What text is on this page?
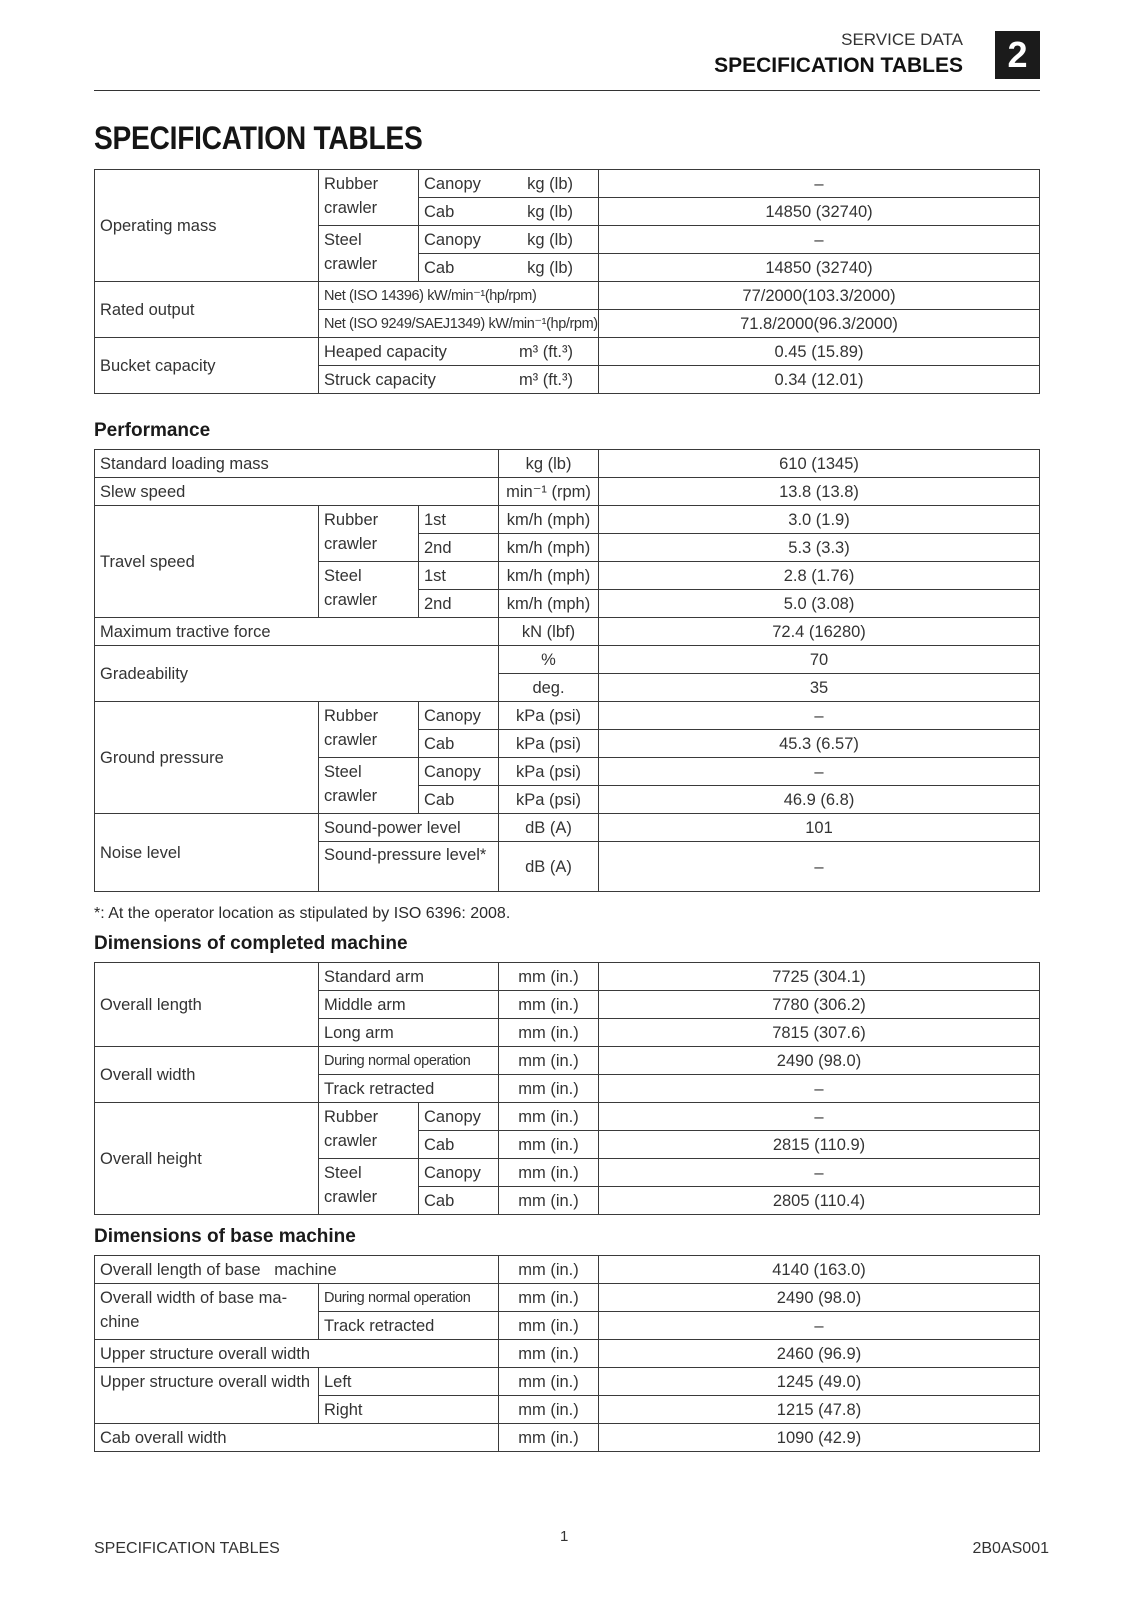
SERVICE DATA
SPECIFICATION TABLES	2
SPECIFICATION TABLES
Operating mass	Rubber crawler	Canopy kg (lb)	–

		Cab kg (lb)	14850 (32740)
	Steel crawler	Canopy kg (lb)	–

		Cab kg (lb)	14850 (32740)
Rated output	Net (ISO 14396) kW/min⁻¹(hp/rpm)		77/2000(103.3/2000)
	Net (ISO 9249/SAEJ1349) kW/min⁻¹(hp/rpm)		71.8/2000(96.3/2000)
Bucket capacity	Heaped capacity m³ (ft.³)		0.45 (15.89)

	Struck capacity m³ (ft.³)		0.34 (12.01)
Performance
Standard loading mass			kg (lb)	610 (1345)
Slew speed			min⁻¹ (rpm)	13.8 (13.8)
Travel speed	Rubber crawler	1st	km/h (mph)	3.0 (1.9)
		2nd	km/h (mph)	5.3 (3.3)
	Steel crawler	1st	km/h (mph)	2.8 (1.76)
		2nd	km/h (mph)	5.0 (3.08)
Maximum tractive force			kN (lbf)	72.4 (16280)
Gradeability			%	70
			deg.	35
Ground pressure	Rubber crawler	Canopy	kPa (psi)	–
		Cab	kPa (psi)	45.3 (6.57)
	Steel crawler	Canopy	kPa (psi)	–
		Cab	kPa (psi)	46.9 (6.8)
Noise level	Sound-power level		dB (A)	101
	Sound-pressure level*		dB (A)	–
*: At the operator location as stipulated by ISO 6396: 2008.
Dimensions of completed machine
Overall length	Standard arm		mm (in.)	7725 (304.1)
	Middle arm		mm (in.)	7780 (306.2)
	Long arm		mm (in.)	7815 (307.6)
Overall width	During normal operation		mm (in.)	2490 (98.0)
	Track retracted		mm (in.)	–
Overall height	Rubber crawler	Canopy	mm (in.)	–
		Cab	mm (in.)	2815 (110.9)
	Steel crawler	Canopy	mm (in.)	–
		Cab	mm (in.)	2805 (110.4)
Dimensions of base machine
Overall length of base   machine		mm (in.)	4140 (163.0)
Overall width of base ma-chine	During normal operation	mm (in.)	2490 (98.0)
	Track retracted	mm (in.)	–
Upper structure overall width		mm (in.)	2460 (96.9)
Upper structure overall width	Left	mm (in.)	1245 (49.0)
	Right	mm (in.)	1215 (47.8)
Cab overall width		mm (in.)	1090 (42.9)
SPECIFICATION TABLES
1
2B0AS001
